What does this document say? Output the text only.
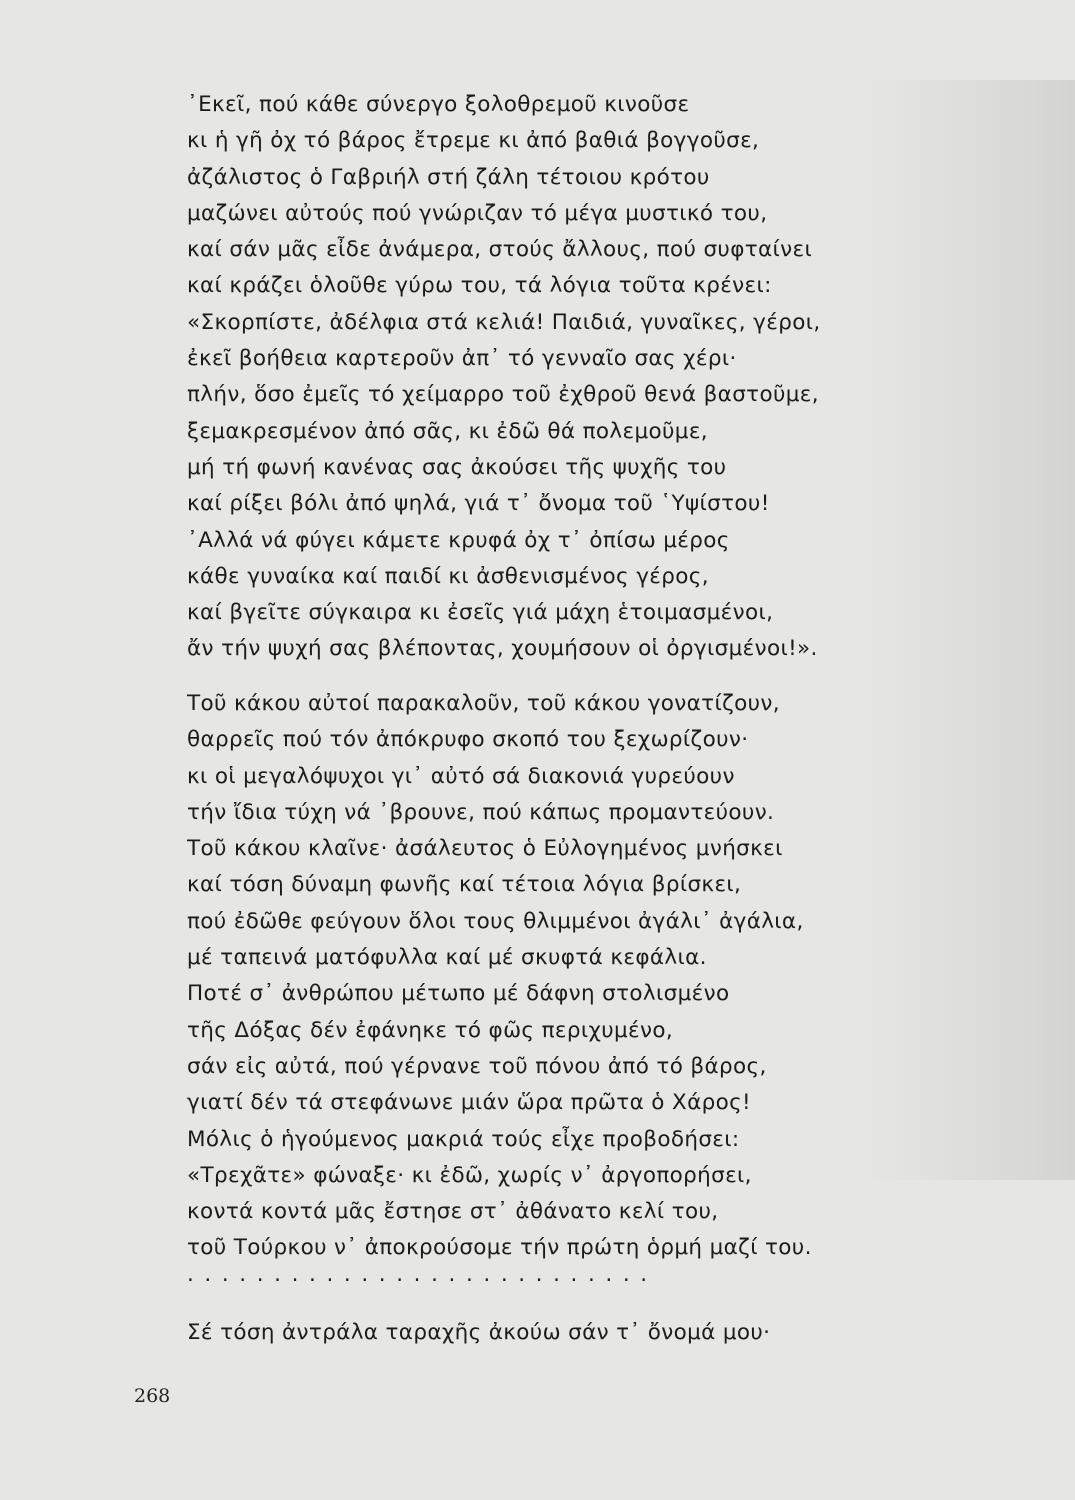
᾿Εκεῖ, πού κάθε σύνεργο ξολοθρεμοῦ κινοῦσε
κι ἡ γῆ ὀχ τό βάρος ἔτρεμε κι ἀπό βαθιά βογγοῦσε,
ἀζάλιστος ὁ Γαβριήλ στή ζάλη τέτοιου κρότου
μαζώνει αὐτούς πού γνώριζαν τό μέγα μυστικό του,
καί σάν μᾶς εἶδε ἀνάμερα, στούς ἄλλους, πού συφταίνει
καί κράζει ὁλοῦθε γύρω του, τά λόγια τοῦτα κρένει:
«Σκορπίστε, ἀδέλφια στά κελιά! Παιδιά, γυναῖκες, γέροι,
ἐκεῖ βοήθεια καρτεροῦν ἀπ᾿ τό γενναῖο σας χέρι·
πλήν, ὅσο ἐμεῖς τό χείμαρρο τοῦ ἐχθροῦ θενά βαστοῦμε,
ξεμακρεσμένον ἀπό σᾶς, κι ἐδῶ θά πολεμοῦμε,
μή τή φωνή κανένας σας ἀκούσει τῆς ψυχῆς του
καί ρίξει βόλι ἀπό ψηλά, γιά τ᾿ ὄνομα τοῦ ῾Υψίστου!
᾿Αλλά νά φύγει κάμετε κρυφά ὀχ τ᾿ ὀπίσω μέρος
κάθε γυναίκα καί παιδί κι ἀσθενισμένος γέρος,
καί βγεῖτε σύγκαιρα κι ἐσεῖς γιά μάχη ἑτοιμασμένοι,
ἄν τήν ψυχή σας βλέποντας, χουμήσουν οἱ ὀργισμένοι!».
Τοῦ κάκου αὐτοί παρακαλοῦν, τοῦ κάκου γονατίζουν,
θαρρεῖς πού τόν ἀπόκρυφο σκοπό του ξεχωρίζουν·
κι οἱ μεγαλόψυχοι γι᾿ αὐτό σά διακονιά γυρεύουν
τήν ἴδια τύχη νά ᾿βρουνε, πού κάπως προμαντεύουν.
Τοῦ κάκου κλαῖνε· ἀσάλευτος ὁ Εὐλογημένος μνήσκει
καί τόση δύναμη φωνῆς καί τέτοια λόγια βρίσκει,
πού ἐδῶθε φεύγουν ὅλοι τους θλιμμένοι ἀγάλι᾿ ἀγάλια,
μέ ταπεινά ματόφυλλα καί μέ σκυφτά κεφάλια.
Ποτέ σ᾿ ἀνθρώπου μέτωπο μέ δάφνη στολισμένο
τῆς Δόξας δέν ἐφάνηκε τό φῶς περιχυμένο,
σάν εἰς αὐτά, πού γέρνανε τοῦ πόνου ἀπό τό βάρος,
γιατί δέν τά στεφάνωνε μιάν ὥρα πρῶτα ὁ Χάρος!
Μόλις ὁ ἡγούμενος μακριά τούς εἶχε προβοδήσει:
«Τρεχᾶτε» φώναξε· κι ἐδῶ, χωρίς ν᾿ ἀργοπορήσει,
κοντά κοντά μᾶς ἔστησε στ᾿ ἀθάνατο κελί του,
τοῦ Τούρκου ν᾿ ἀποκρούσομε τήν πρώτη ὁρμή μαζί του.
...........................
Σέ τόση ἀντράλα ταραχῆς ἀκούω σάν τ᾿ ὄνομά μου·
268
